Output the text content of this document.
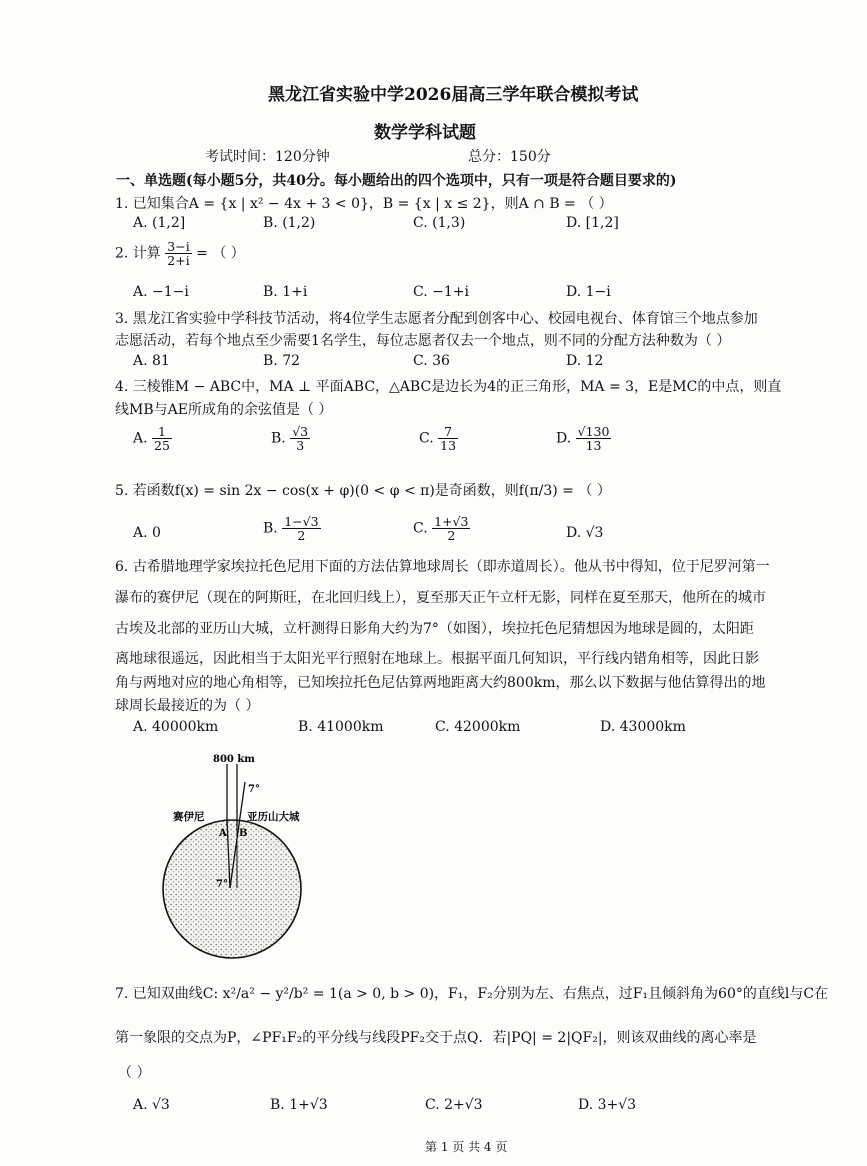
黑龙江省实验中学2026届高三学年联合模拟考试
数学学科试题
考试时间：120分钟	总分：150分
一、单选题(每小题5分，共40分。每小题给出的四个选项中，只有一项是符合题目要求的)
1. 已知集合A = {x | x² − 4x + 3 < 0}，B = {x | x ≤ 2}，则A ∩ B = （ ）
A. (1,2]	B. (1,2)	C. (1,3)	D. [1,2]
2. 计算 $\frac{3-i}{2+i}$ = （ ）
A. −1−i	B. 1+i	C. −1+i	D. 1−i
3. 黑龙江省实验中学科技节活动，将4位学生志愿者分配到创客中心、校园电视台、体育馆三个地点参加
志愿活动，若每个地点至少需要1名学生，每位志愿者仅去一个地点，则不同的分配方法种数为（ ）
A. 81	B. 72	C. 36	D. 12
4. 三棱锥M − ABC中，MA ⊥ 平面ABC，△ABC是边长为4的正三角形，MA = 3，E是MC的中点，则直
线MB与AE所成角的余弦值是（ ）
A. $\frac{1}{25}$	B. $\frac{√3}{3}$	C. $\frac{7}{13}$	D. $\frac{√130}{13}$
5. 若函数f(x) = sin 2x − cos(x + φ)(0 < φ < π)是奇函数，则f(π/3) = （ ）
A. 0	B. $\frac{1-√3}{2}$	C. $\frac{1+√3}{2}$	D. √3
6. 古希腊地理学家埃拉托色尼用下面的方法估算地球周长（即赤道周长）。他从书中得知，位于尼罗河第一
瀑布的赛伊尼（现在的阿斯旺，在北回归线上），夏至那天正午立杆无影，同样在夏至那天，他所在的城市
古埃及北部的亚历山大城，立杆测得日影角大约为7°（如图），埃拉托色尼猜想因为地球是圆的，太阳距
离地球很遥远，因此相当于太阳光平行照射在地球上。根据平面几何知识，平行线内错角相等，因此日影
角与两地对应的地心角相等，已知埃拉托色尼估算两地距离大约800km，那么以下数据与他估算得出的地
球周长最接近的为（ ）
A. 40000km	B. 41000km	C. 42000km	D. 43000km
800 km
7°
7°
赛伊尼	亚历山大城
A B
7. 已知双曲线C: x²/a² − y²/b² = 1(a > 0, b > 0)，F₁，F₂分别为左、右焦点，过F₁且倾斜角为60°的直线l与C在
第一象限的交点为P，∠PF₁F₂的平分线与线段PF₂交于点Q．若|PQ| = 2|QF₂|，则该双曲线的离心率是
（ ）
A. √3	B. 1+√3	C. 2+√3	D. 3+√3
第 1 页 共 4 页
